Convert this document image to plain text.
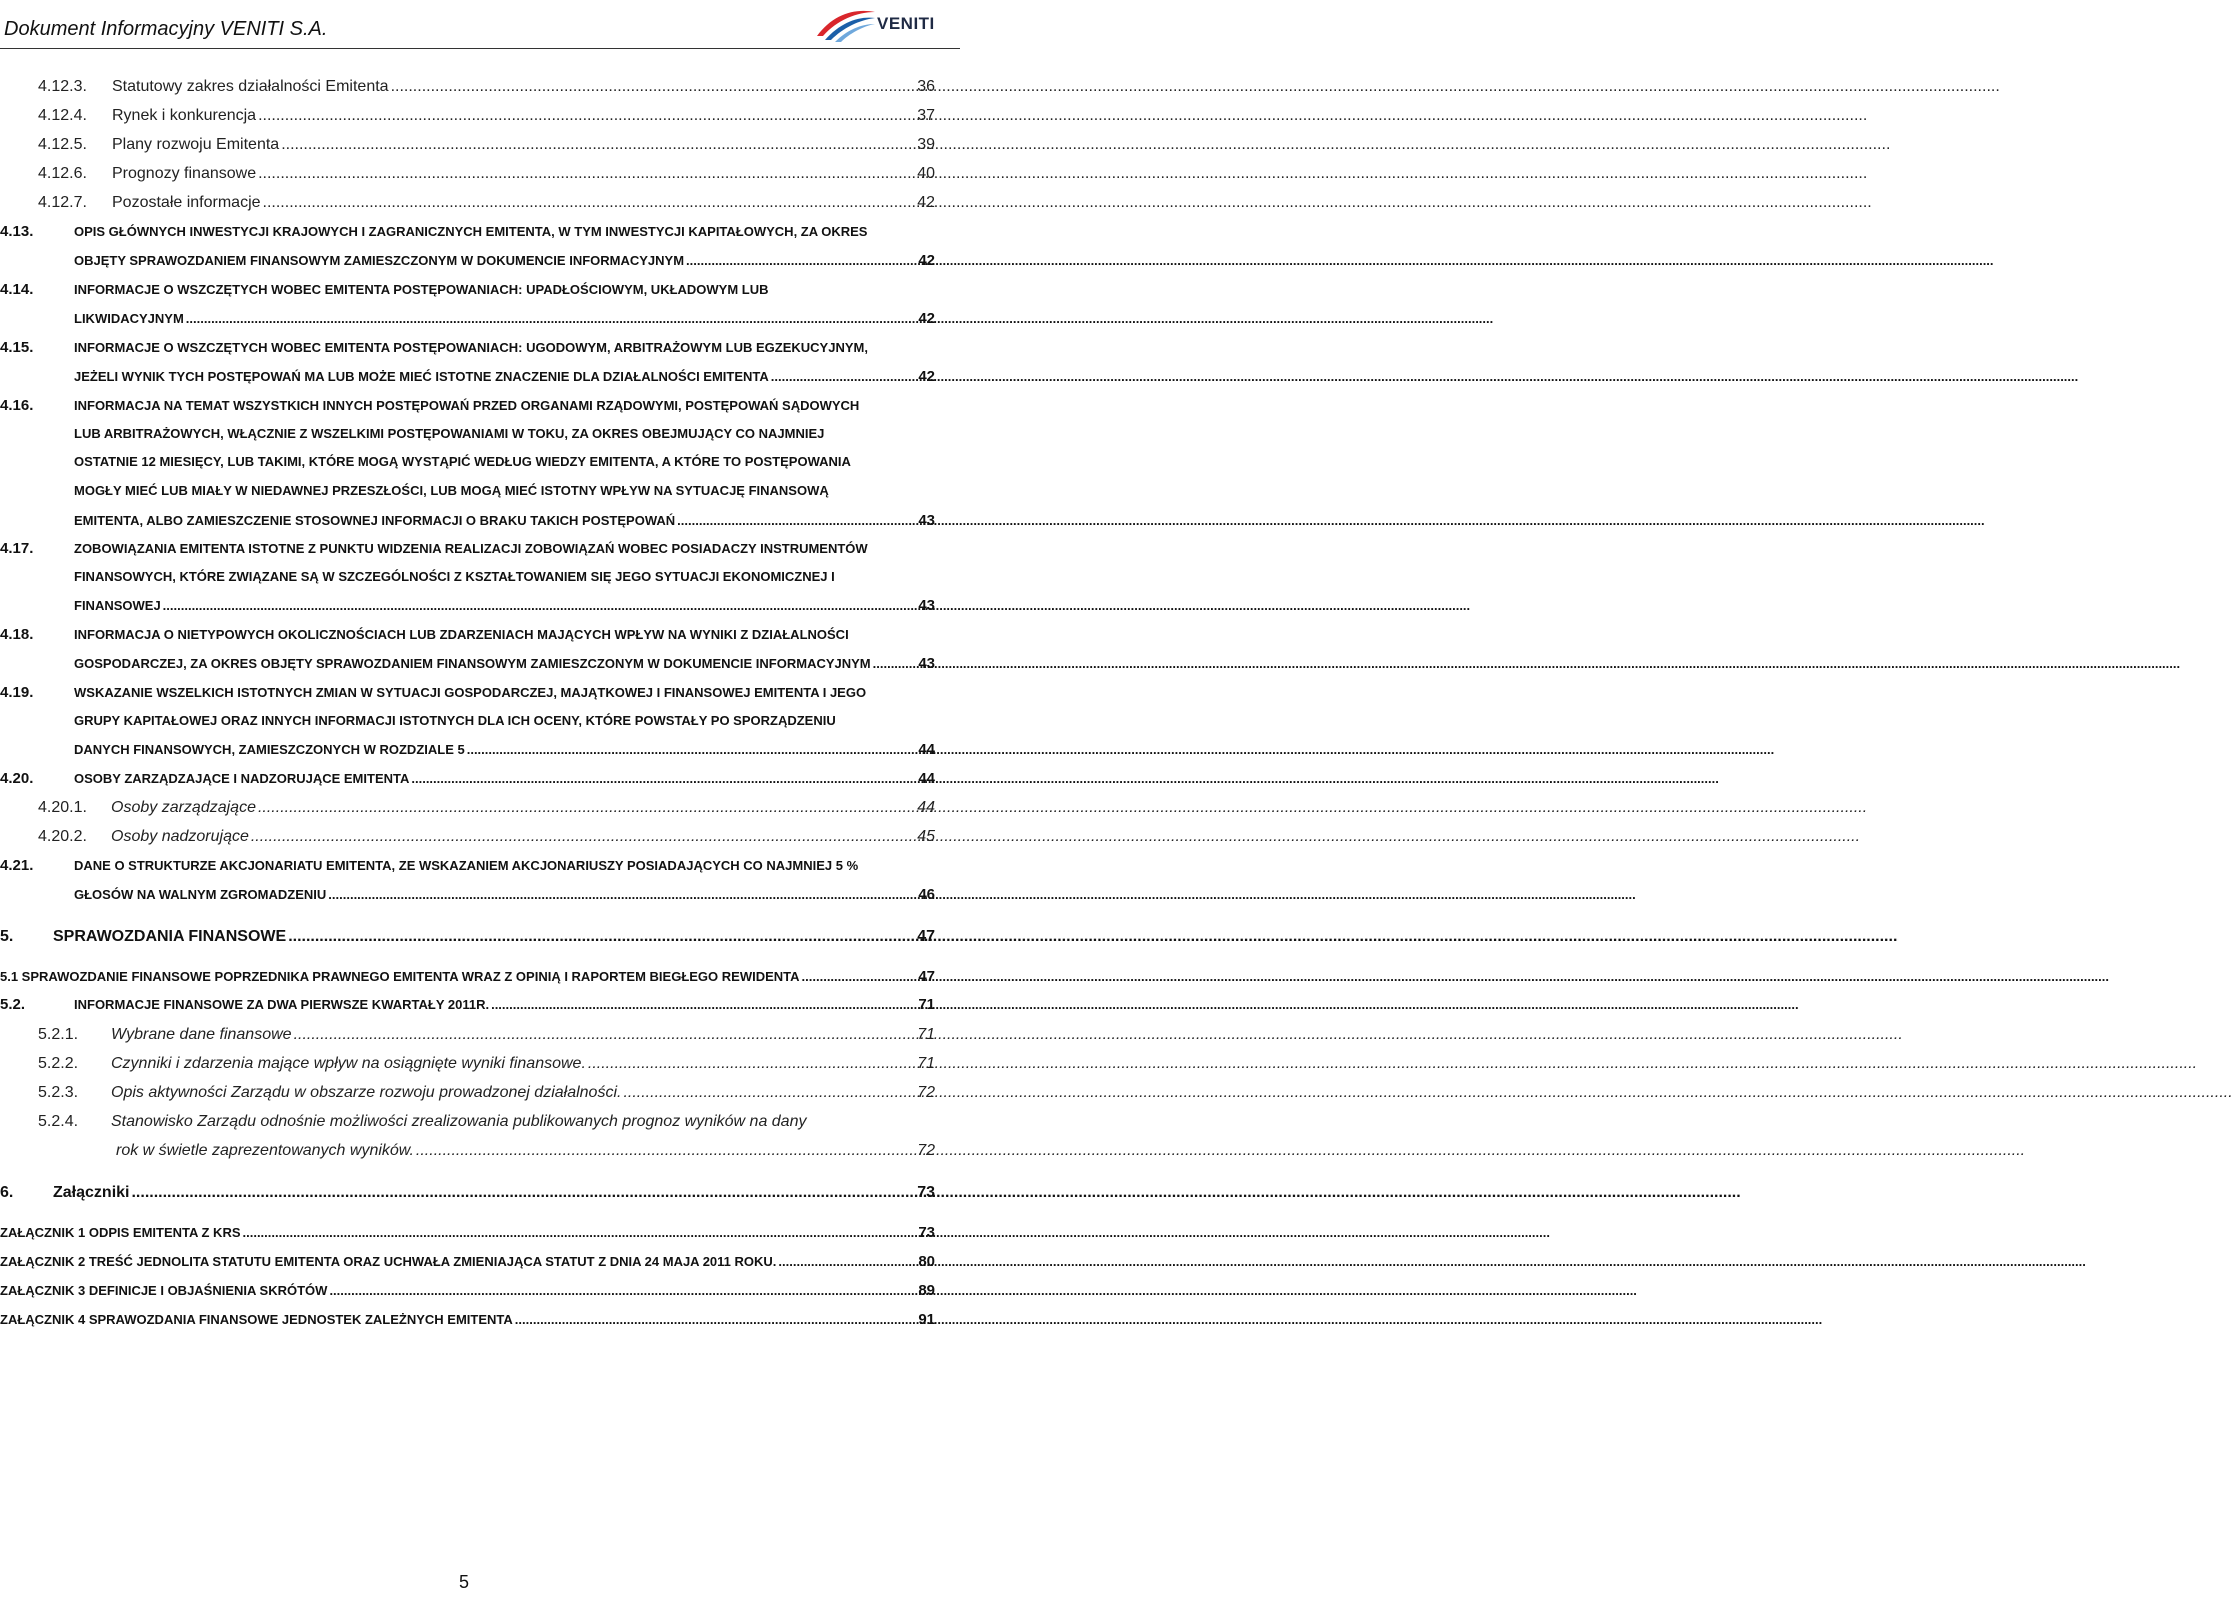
Dokument Informacyjny VENITI S.A.	VENITI
4.12.3.	Statutowy zakres działalności Emitenta .....	36
4.12.4.	Rynek i konkurencja .....	37
4.12.5.	Plany rozwoju Emitenta .....	39
4.12.6.	Prognozy finansowe .....	40
4.12.7.	Pozostałe informacje .....	42
4.13.	OPIS GŁÓWNYCH INWESTYCJI KRAJOWYCH I ZAGRANICZNYCH EMITENTA, W TYM INWESTYCJI KAPITAŁOWYCH, ZA OKRES
OBJĘTY SPRAWOZDANIEM FINANSOWYM ZAMIESZCZONYM W DOKUMENCIE INFORMACYJNYM .....	42
4.14.	INFORMACJE O WSZCZĘTYCH WOBEC EMITENTA POSTĘPOWANIACH: UPADŁOŚCIOWYM, UKŁADOWYM LUB
LIKWIDACYJNYM .....	42
4.15.	INFORMACJE O WSZCZĘTYCH WOBEC EMITENTA POSTĘPOWANIACH: UGODOWYM, ARBITRAŻOWYM LUB EGZEKUCYJNYM,
JEŻELI WYNIK TYCH POSTĘPOWAŃ MA LUB MOŻE MIEĆ ISTOTNE ZNACZENIE DLA DZIAŁALNOŚCI EMITENTA .....	42
4.16.	INFORMACJA NA TEMAT WSZYSTKICH INNYCH POSTĘPOWAŃ PRZED ORGANAMI RZĄDOWYMI, POSTĘPOWAŃ SĄDOWYCH
LUB ARBITRAŻOWYCH, WŁĄCZNIE Z WSZELKIMI POSTĘPOWANIAMI W TOKU, ZA OKRES OBEJMUJĄCY CO NAJMNIEJ
OSTATNIE 12 MIESIĘCY, LUB TAKIMI, KTÓRE MOGĄ WYSTĄPIĆ WEDŁUG WIEDZY EMITENTA, A KTÓRE TO POSTĘPOWANIA
MOGŁY MIEĆ LUB MIAŁY W NIEDAWNEJ PRZESZŁOŚCI, LUB MOGĄ MIEĆ ISTOTNY WPŁYW NA SYTUACJĘ FINANSOWĄ
EMITENTA, ALBO ZAMIESZCZENIE STOSOWNEJ INFORMACJI O BRAKU TAKICH POSTĘPOWAŃ .....	43
4.17.	ZOBOWIĄZANIA EMITENTA ISTOTNE Z PUNKTU WIDZENIA REALIZACJI ZOBOWIĄZAŃ WOBEC POSIADACZY INSTRUMENTÓW
FINANSOWYCH, KTÓRE ZWIĄZANE SĄ W SZCZEGÓLNOŚCI Z KSZTAŁTOWANIEM SIĘ JEGO SYTUACJI EKONOMICZNEJ I
FINANSOWEJ .....	43
4.18.	INFORMACJA O NIETYPOWYCH OKOLICZNOŚCIACH LUB ZDARZENIACH MAJĄCYCH WPŁYW NA WYNIKI Z DZIAŁALNOŚCI
GOSPODARCZEJ, ZA OKRES OBJĘTY SPRAWOZDANIEM FINANSOWYM ZAMIESZCZONYM W DOKUMENCIE INFORMACYJNYM .....	43
4.19.	WSKAZANIE WSZELKICH ISTOTNYCH ZMIAN W SYTUACJI GOSPODARCZEJ, MAJĄTKOWEJ I FINANSOWEJ EMITENTA I JEGO
GRUPY KAPITAŁOWEJ ORAZ INNYCH INFORMACJI ISTOTNYCH DLA ICH OCENY, KTÓRE POWSTAŁY PO SPORZĄDZENIU
DANYCH FINANSOWYCH, ZAMIESZCZONYCH W ROZDZIALE 5 .....	44
4.20.	OSOBY ZARZĄDZAJĄCE I NADZORUJĄCE EMITENTA .....	44
4.20.1.	Osoby zarządzające .....	44
4.20.2.	Osoby nadzorujące .....	45
4.21.	DANE O STRUKTURZE AKCJONARIATU EMITENTA, ZE WSKAZANIEM AKCJONARIUSZY POSIADAJĄCYCH CO NAJMNIEJ 5 %
GŁOSÓW NA WALNYM ZGROMADZENIU .....	46
5.	SPRAWOZDANIA FINANSOWE .....	47
5.1 SPRAWOZDANIE FINANSOWE POPRZEDNIKA PRAWNEGO EMITENTA WRAZ Z OPINIĄ I RAPORTEM BIEGŁEGO REWIDENTA .....	47
5.2.	INFORMACJE FINANSOWE ZA DWA PIERWSZE KWARTAŁY 2011R. .....	71
5.2.1.	Wybrane dane finansowe .....	71
5.2.2.	Czynniki i zdarzenia mające wpływ na osiągnięte wyniki finansowe. .....	71
5.2.3.	Opis aktywności Zarządu w obszarze rozwoju prowadzonej działalności. .....	72
5.2.4.	Stanowisko Zarządu odnośnie możliwości zrealizowania publikowanych prognoz wyników na dany
rok w świetle zaprezentowanych wyników. .....	72
6.	Załączniki .....	73
ZAŁĄCZNIK 1 ODPIS EMITENTA Z KRS .....	73
ZAŁĄCZNIK 2 TREŚĆ JEDNOLITA STATUTU EMITENTA ORAZ UCHWAŁA ZMIENIAJĄCA STATUT Z DNIA 24 MAJA 2011 ROKU. .....	80
ZAŁĄCZNIK 3 DEFINICJE I OBJAŚNIENIA SKRÓTÓW .....	89
ZAŁĄCZNIK 4 SPRAWOZDANIA FINANSOWE JEDNOSTEK ZALEŻNYCH EMITENTA .....	91
5
